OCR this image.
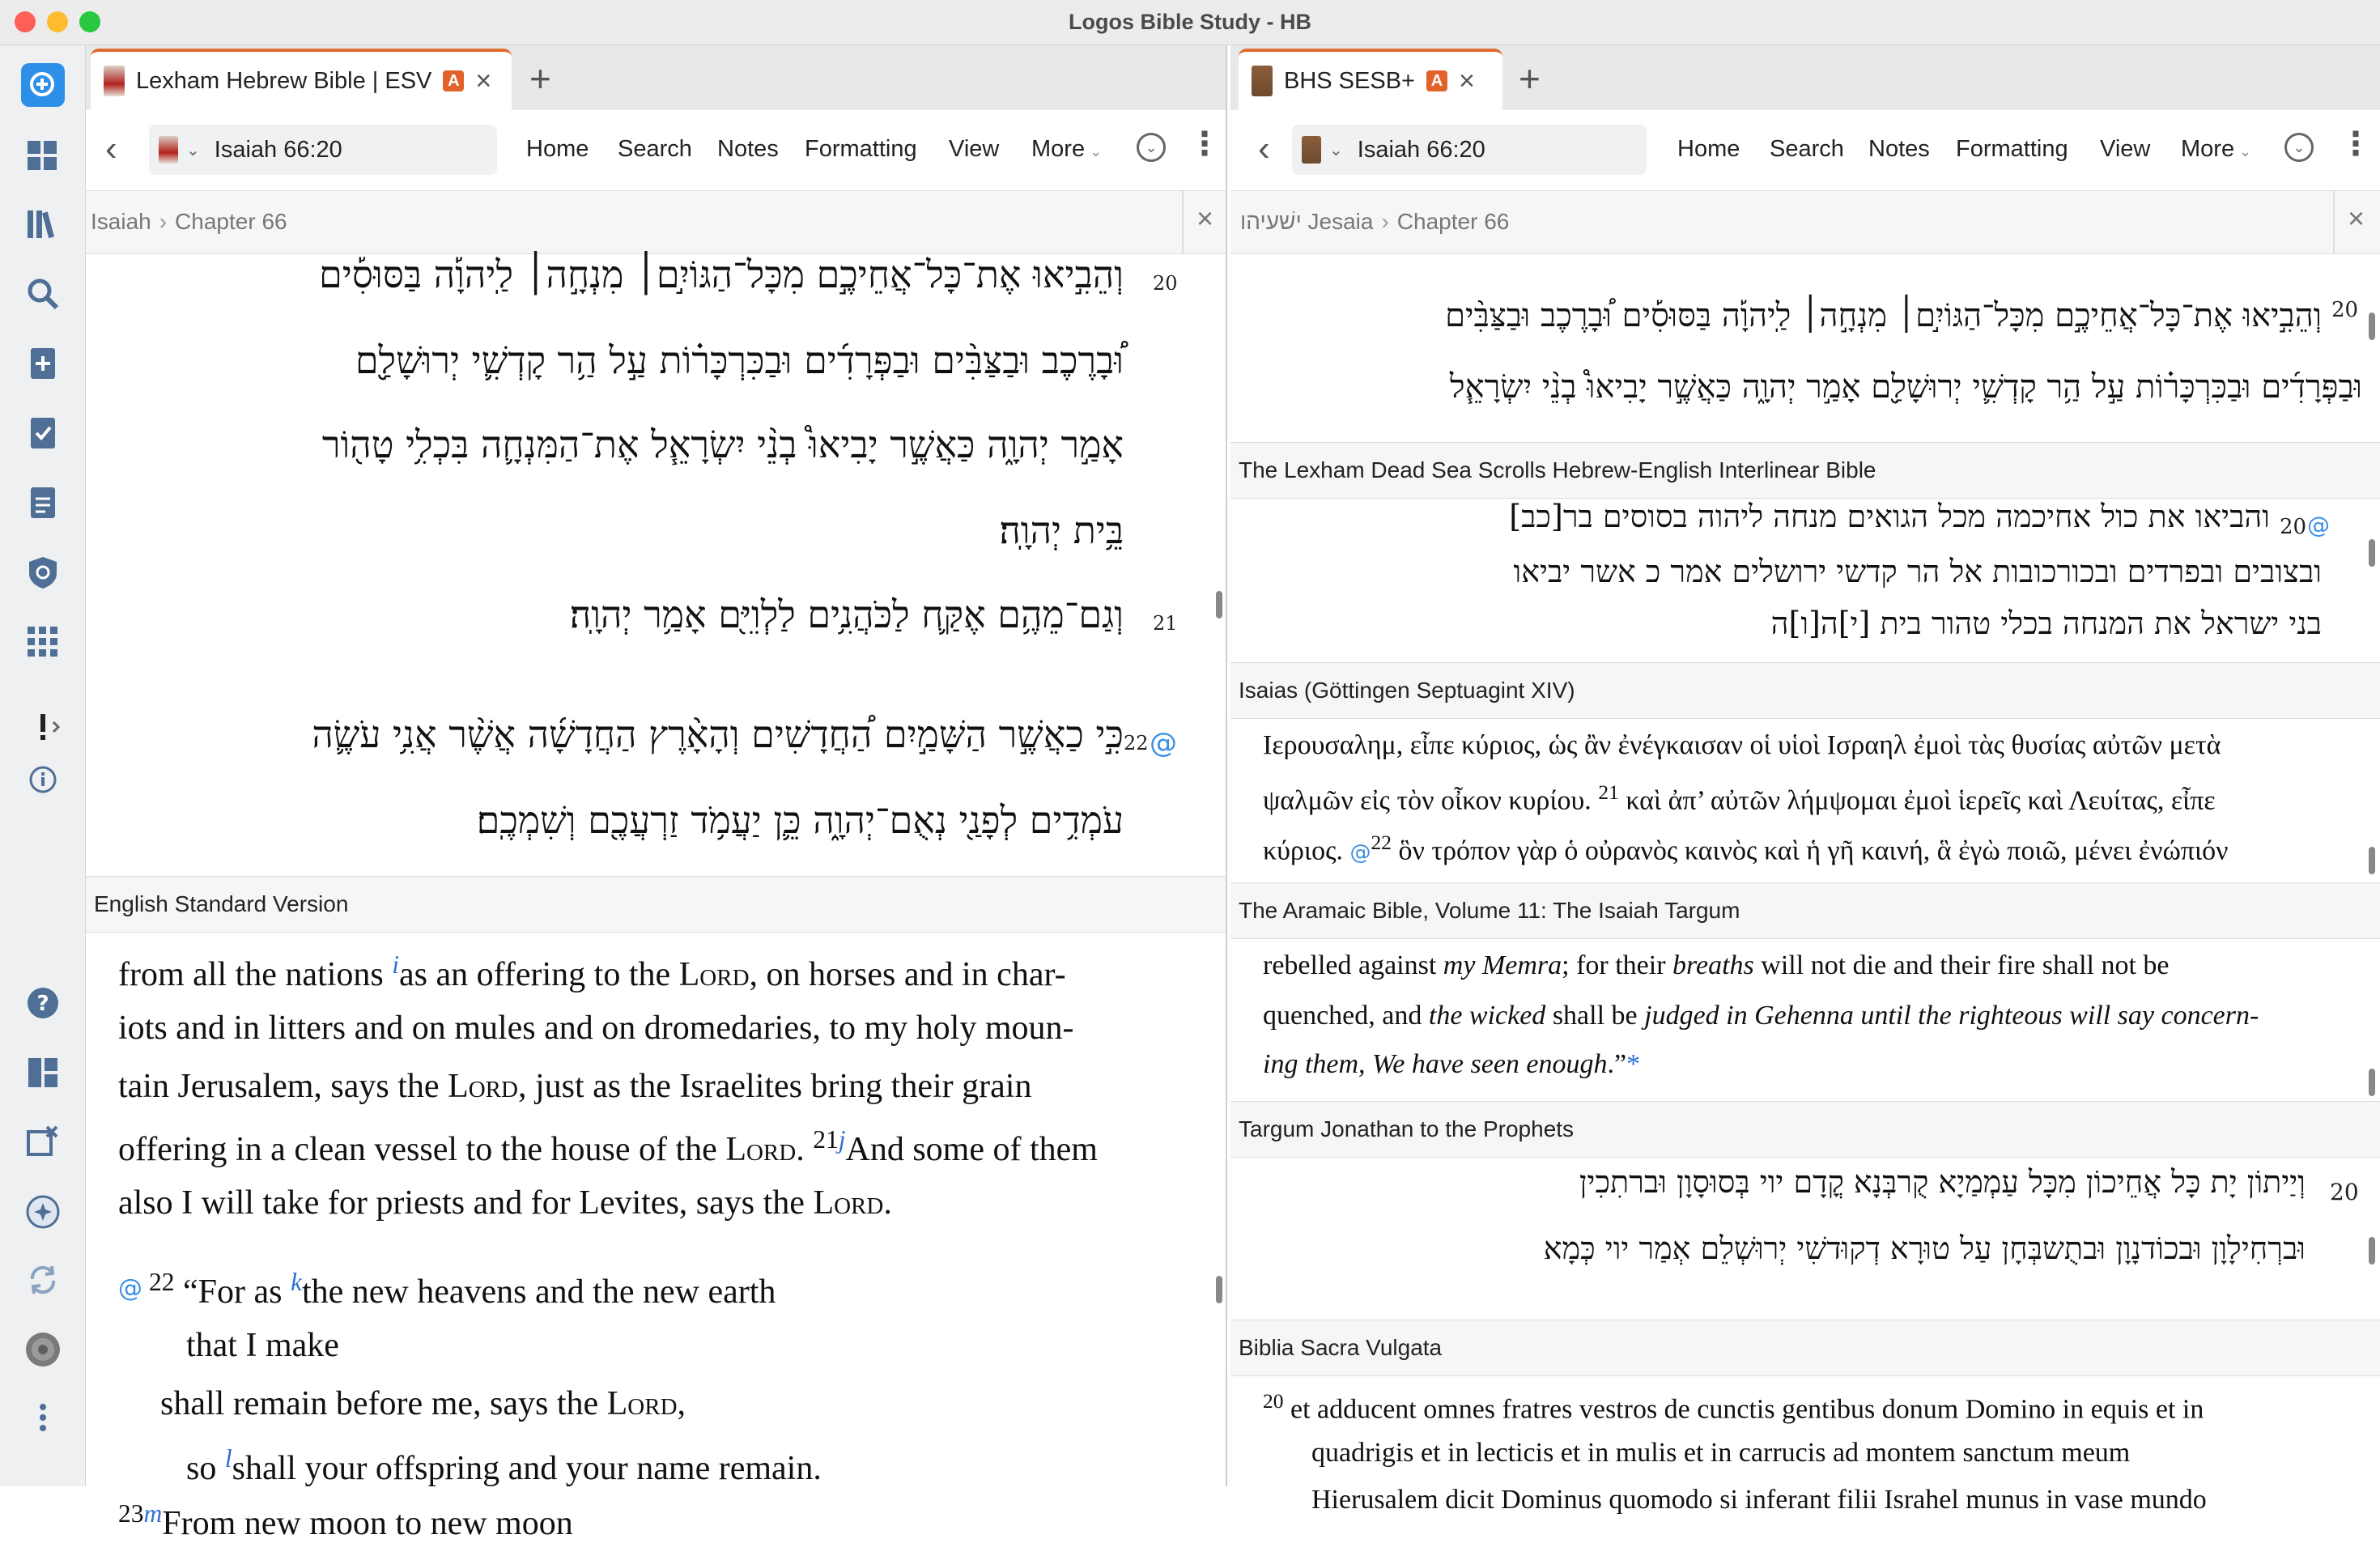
Logos Bible Study - HB
?
Lexham Hebrew Bible | ESV A × +
‹	⌄ Isaiah 66:20	Home Search Notes Formatting View More ⌄	⌄ ⋮
Isaiah › Chapter 66	×
20
וְהֵבִ֣יאוּ אֶת־כָּל־אֲחֵיכֶ֣ם מִכָּל־הַגּוֹיִ֣ם׀ מִנְחָ֣ה׀ לַֽיהוָ֡ה בַּסּוּסִ֡ים
וּ֠בָרֶכֶב וּבַצַּבִּ֨ים וּבַפְּרָדִ֜ים וּבַכִּרְכָּר֗וֹת עַ֣ל הַ֥ר קָדְשִׁ֛י יְרוּשָׁלִַ֖ם
אָמַ֣ר יְהוָ֑ה כַּאֲשֶׁ֣ר יָבִיאוּ֩ בְנֵ֨י יִשְׂרָאֵ֧ל אֶת־הַמִּנְחָ֛ה בִּכְלִ֥י טָה֖וֹר
בֵּ֥ית יְהוָֽה׃
21
וְגַם־מֵהֶ֥ם אֶקַּ֛ח לַכֹּהֲנִ֥ים לַלְוִיִּ֖ם אָמַ֥ר יְהוָֽה׃
22 @
כִּ֣י כַאֲשֶׁ֣ר הַשָּׁמַ֣יִם הַ֠חֲדָשִׁים וְהָאָ֨רֶץ הַחֲדָשָׁ֜ה אֲשֶׁ֨ר אֲנִ֥י עֹשֶׂ֛ה
עֹמְדִ֥ים לְפָנַ֖י נְאֻם־יְהוָ֑ה כֵּ֛ן יַעֲמֹ֥ד זַרְעֲכֶ֖ם וְשִׁמְכֶֽם׃
English Standard Version
from all the nations $^i$as an offering to the Lord, on horses and in char-
iots and in litters and on mules and on dromedaries, to my holy moun-
tain Jerusalem, says the Lord, just as the Israelites bring their grain
offering in a clean vessel to the house of the Lord. $^{21j}$And some of them
also I will take for priests and for Levites, says the Lord.
@ $^{22}$ “For as $^k$the new heavens and the new earth
that I make
shall remain before me, says the Lord,
so $^l$shall your offspring and your name remain.
$^{23m}$From new moon to new moon
BHS SESB+ A × +
‹	⌄ Isaiah 66:20	Home Search Notes Formatting View More ⌄	⌄ ⋮
ישׁעיהו Jesaia › Chapter 66	×
20
וְהֵבִ֣יאוּ אֶת־כָּל־אֲחֵיכֶ֣ם מִכָּל־הַגּוֹיִ֣ם׀ מִנְחָ֣ה׀ לַֽיהוָ֡ה בַּסּוּסִ֡ים וּ֠בָרֶכֶב וּבַצַּבִּ֨ים
וּבַפְּרָדִ֜ים וּבַכִּרְכָּר֗וֹת עַ֣ל הַ֥ר קָדְשִׁ֛י יְרוּשָׁלִַ֖ם אָמַ֣ר יְהוָ֑ה כַּאֲשֶׁ֣ר יָבִיאוּ֩ בְנֵ֨י יִשְׂרָאֵ֧ל
The Lexham Dead Sea Scrolls Hebrew-English Interlinear Bible
@
20
והביאו את כול אחיכמה מכל הגואים מנחה ליהוה בסוסים בר[כב]
ובצובים ובפרדים ובכורכובות אל הר קדשי ירושלים אמר כ אשר יביאו
בני ישראל את המנחה בכלי טהור בית [י]ה[ו]ה
Isaias (Göttingen Septuagint XIV)
Ιερουσαλημ, εἶπε κύριος, ὡς ἂν ἐνέγκαισαν οἱ υἱοὶ Ισραηλ ἐμοὶ τὰς θυσίας αὐτῶν μετὰ
ψαλμῶν εἰς τὸν οἶκον κυρίου. $^{21}$ καὶ ἀπ’ αὐτῶν λήμψομαι ἐμοὶ ἱερεῖς καὶ Λευίτας, εἶπε
κύριος. @$^{22}$ ὃν τρόπον γὰρ ὁ οὐρανὸς καινὸς καὶ ἡ γῆ καινή, ἃ ἐγὼ ποιῶ, μένει ἐνώπιόν
The Aramaic Bible, Volume 11: The Isaiah Targum
rebelled against my Memra; for their breaths will not die and their fire shall not be
quenched, and the wicked shall be judged in Gehenna until the righteous will say concern-
ing them, We have seen enough.”*
Targum Jonathan to the Prophets
20
וְיַיתוֹן יָת כָּל אֲחֵיכוֹן מִכָּל עַמְמַיָא קֻרבְּנָא קֳדָם יוי בְּסוּסָוָן וּברתִכִין
וּברְחִילָוָן וּבכוֹדנָוָן וּבתֻשבְּחָן עַל טוּרָא דְקוּדשִׁי יְרוּשְׁלֵם אְמַר יוי כְּמָא
Biblia Sacra Vulgata
$^{20}$ et adducent omnes fratres vestros de cunctis gentibus donum Domino in equis et in
quadrigis et in lecticis et in mulis et in carrucis ad montem sanctum meum
Hierusalem dicit Dominus quomodo si inferant filii Israhel munus in vase mundo
